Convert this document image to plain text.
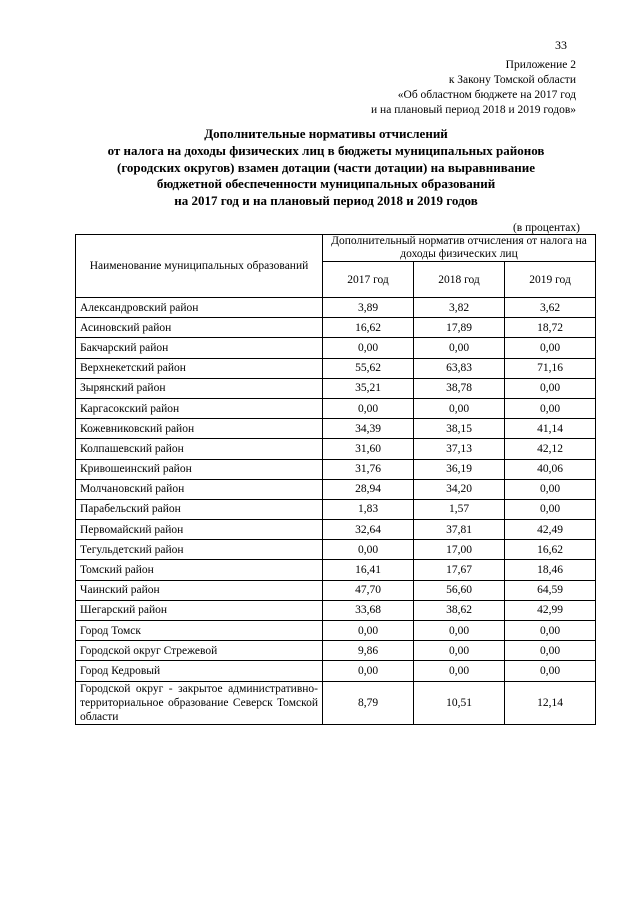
33
Приложение 2
к Закону Томской области
«Об областном бюджете на 2017 год
и на плановый период 2018 и 2019 годов»
Дополнительные нормативы отчислений
от налога на доходы физических лиц в бюджеты муниципальных районов
(городских округов) взамен дотации (части дотации) на выравнивание
бюджетной обеспеченности муниципальных образований
на 2017 год и на плановый период 2018 и 2019 годов
(в процентах)
Наименование муниципальных образований	Дополнительный норматив отчисления от налога на доходы физических лиц		
	2017 год	2018 год	2019 год
Александровский район	3,89	3,82	3,62
Асиновский район	16,62	17,89	18,72
Бакчарский район	0,00	0,00	0,00
Верхнекетский район	55,62	63,83	71,16
Зырянский район	35,21	38,78	0,00
Каргасокский район	0,00	0,00	0,00
Кожевниковский район	34,39	38,15	41,14
Колпашевский район	31,60	37,13	42,12
Кривошеинский район	31,76	36,19	40,06
Молчановский район	28,94	34,20	0,00
Парабельский район	1,83	1,57	0,00
Первомайский район	32,64	37,81	42,49
Тегульдетский район	0,00	17,00	16,62
Томский район	16,41	17,67	18,46
Чаинский район	47,70	56,60	64,59
Шегарский район	33,68	38,62	42,99
Город Томск	0,00	0,00	0,00
Городской округ Стрежевой	9,86	0,00	0,00
Город Кедровый	0,00	0,00	0,00
Городской округ - закрытое административно-территориальное образование Северск Томской области	8,79	10,51	12,14
